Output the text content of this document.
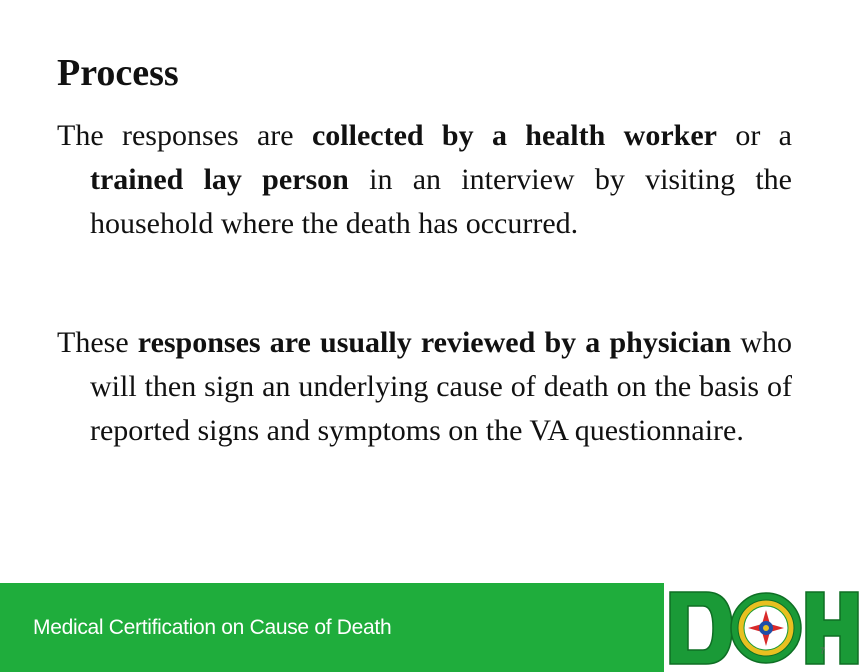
Process

The responses are collected by a health worker or a trained lay person in an interview by visiting the household where the death has occurred.

These responses are usually reviewed by a physician who will then sign an underlying cause of death on the basis of reported signs and symptoms on the VA questionnaire.

Medical Certification on Cause of Death
7
